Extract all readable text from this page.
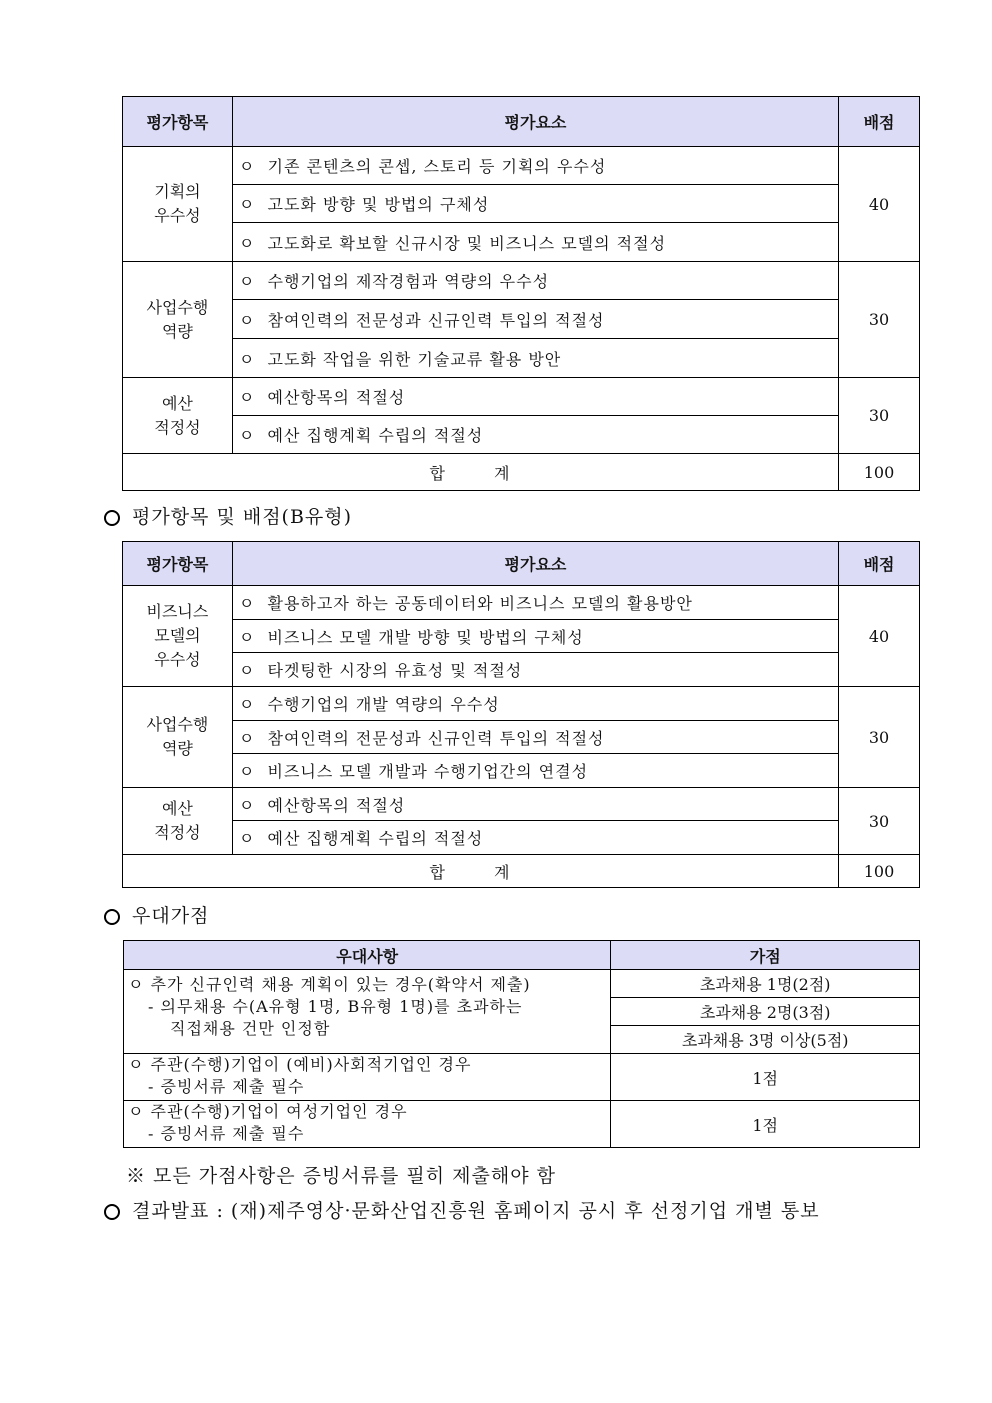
평가항목	평가요소	배점
기획의
우수성	ㅇ 기존 콘텐츠의 콘셉, 스토리 등 기획의 우수성	40
	ㅇ 고도화 방향 및 방법의 구체성	
	ㅇ 고도화로 확보할 신규시장 및 비즈니스 모델의 적절성	
사업수행
역량	ㅇ 수행기업의 제작경험과 역량의 우수성	30
	ㅇ 참여인력의 전문성과 신규인력 투입의 적절성	
	ㅇ 고도화 작업을 위한 기술교류 활용 방안	
예산
적정성	ㅇ 예산항목의 적절성	30
	ㅇ 예산 집행계획 수립의 적절성	
합 계		100
평가항목 및 배점(B유형)
평가항목	평가요소	배점
비즈니스
모델의
우수성	ㅇ 활용하고자 하는 공동데이터와 비즈니스 모델의 활용방안	40
	ㅇ 비즈니스 모델 개발 방향 및 방법의 구체성	
	ㅇ 타겟팅한 시장의 유효성 및 적절성	
사업수행
역량	ㅇ 수행기업의 개발 역량의 우수성	30
	ㅇ 참여인력의 전문성과 신규인력 투입의 적절성	
	ㅇ 비즈니스 모델 개발과 수행기업간의 연결성	
예산
적정성	ㅇ 예산항목의 적절성	30
	ㅇ 예산 집행계획 수립의 적절성	
합 계		100
우대가점
우대사항	가점

ㅇ 추가 신규인력 채용 계획이 있는 경우(확약서 제출)
- 의무채용 수(A유형 1명, B유형 1명)를 초과하는
직접채용 건만 인정함	초과채용 1명(2점)
	초과채용 2명(3점)
	초과채용 3명 이상(5점)

ㅇ 주관(수행)기업이 (예비)사회적기업인 경우
- 증빙서류 제출 필수	1점

ㅇ 주관(수행)기업이 여성기업인 경우
- 증빙서류 제출 필수	1점
※ 모든 가점사항은 증빙서류를 필히 제출해야 함
결과발표 : (재)제주영상·문화산업진흥원 홈페이지 공시 후 선정기업 개별 통보
